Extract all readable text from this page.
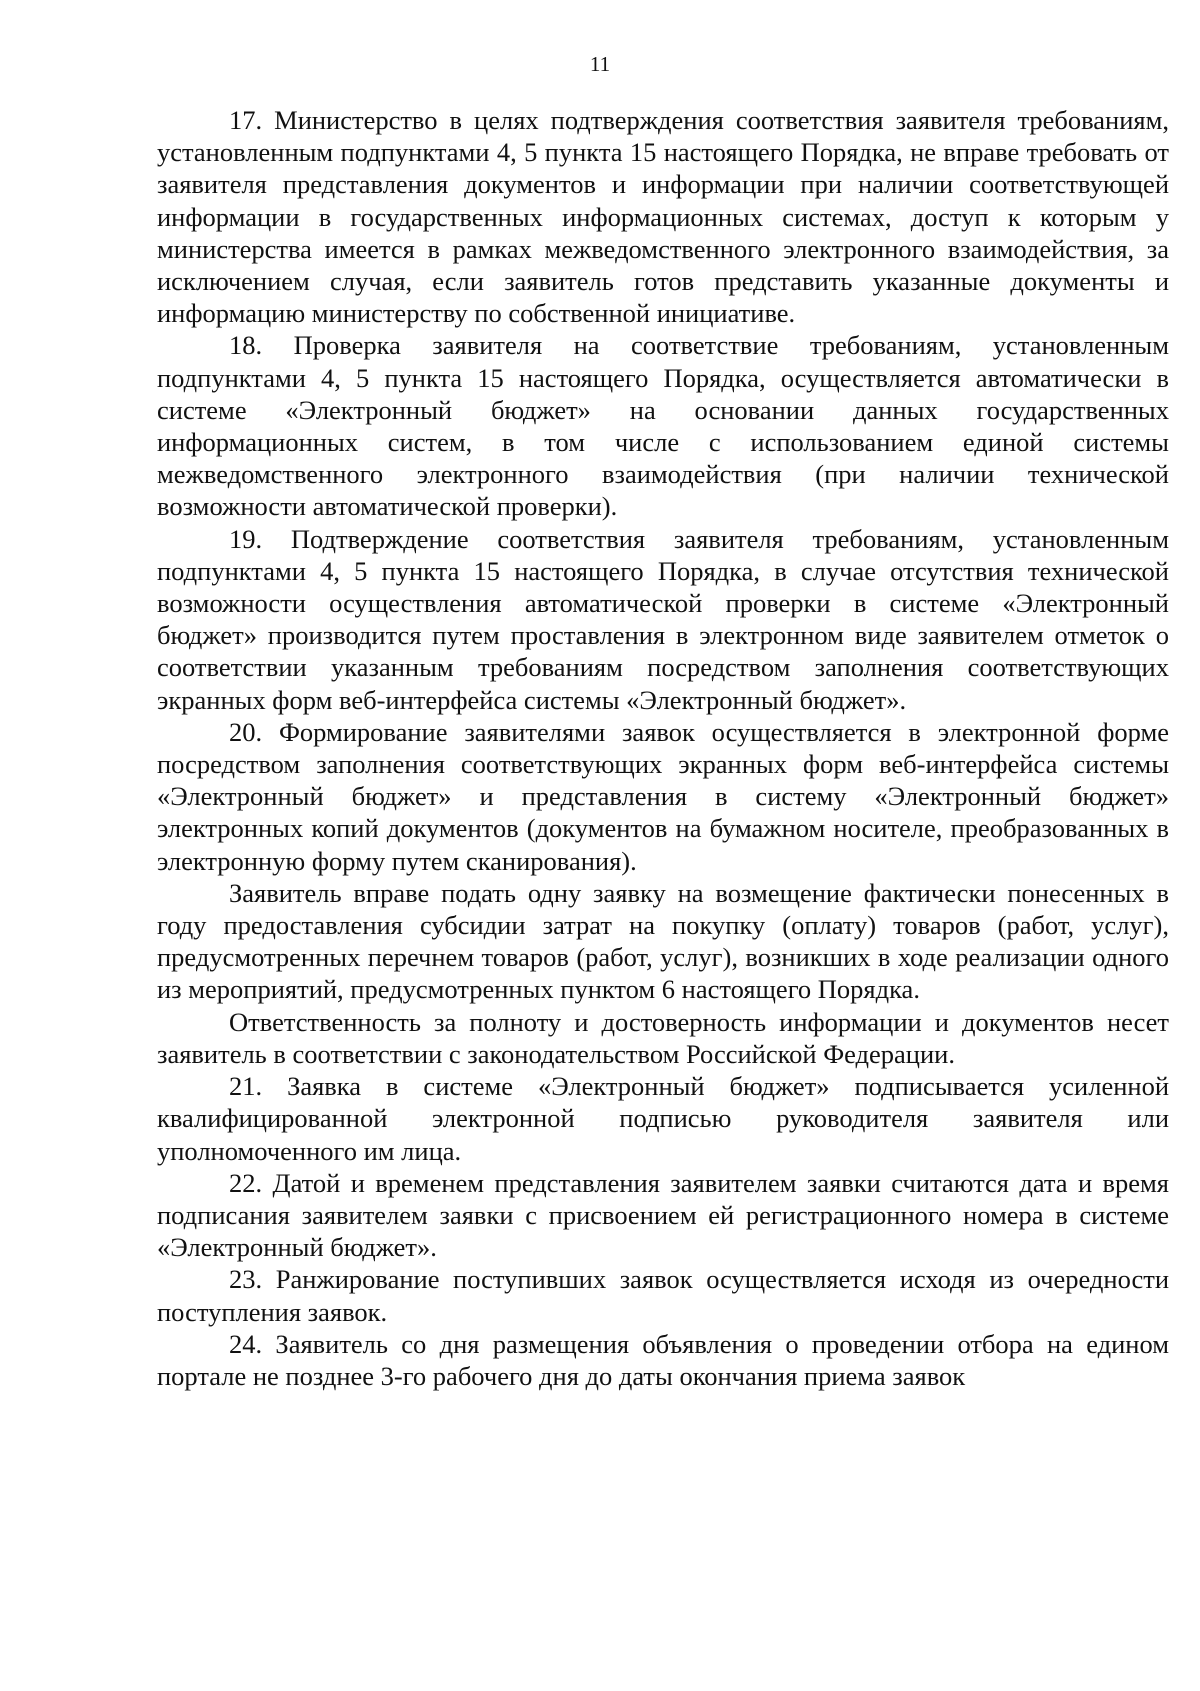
11

17. Министерство в целях подтверждения соответствия заявителя требованиям, установленным подпунктами 4, 5 пункта 15 настоящего Порядка, не вправе требовать от заявителя представления документов и информации при наличии соответствующей информации в государственных информационных системах, доступ к которым у министерства имеется в рамках межведомственного электронного взаимодействия, за исключением случая, если заявитель готов представить указанные документы и информацию министерству по собственной инициативе.

18. Проверка заявителя на соответствие требованиям, установленным подпунктами 4, 5 пункта 15 настоящего Порядка, осуществляется автоматически в системе «Электронный бюджет» на основании данных государственных информационных систем, в том числе с использованием единой системы межведомственного электронного взаимодействия (при наличии технической возможности автоматической проверки).

19. Подтверждение соответствия заявителя требованиям, установленным подпунктами 4, 5 пункта 15 настоящего Порядка, в случае отсутствия технической возможности осуществления автоматической проверки в системе «Электронный бюджет» производится путем проставления в электронном виде заявителем отметок о соответствии указанным требованиям посредством заполнения соответствующих экранных форм веб-интерфейса системы «Электронный бюджет».

20. Формирование заявителями заявок осуществляется в электронной форме посредством заполнения соответствующих экранных форм веб-интерфейса системы «Электронный бюджет» и представления в систему «Электронный бюджет» электронных копий документов (документов на бумажном носителе, преобразованных в электронную форму путем сканирования).

Заявитель вправе подать одну заявку на возмещение фактически понесенных в году предоставления субсидии затрат на покупку (оплату) товаров (работ, услуг), предусмотренных перечнем товаров (работ, услуг), возникших в ходе реализации одного из мероприятий, предусмотренных пунктом 6 настоящего Порядка.

Ответственность за полноту и достоверность информации и документов несет заявитель в соответствии с законодательством Российской Федерации.

21. Заявка в системе «Электронный бюджет» подписывается усиленной квалифицированной электронной подписью руководителя заявителя или уполномоченного им лица.

22. Датой и временем представления заявителем заявки считаются дата и время подписания заявителем заявки с присвоением ей регистрационного номера в системе «Электронный бюджет».

23. Ранжирование поступивших заявок осуществляется исходя из очередности поступления заявок.

24. Заявитель со дня размещения объявления о проведении отбора на едином портале не позднее 3-го рабочего дня до даты окончания приема заявок
